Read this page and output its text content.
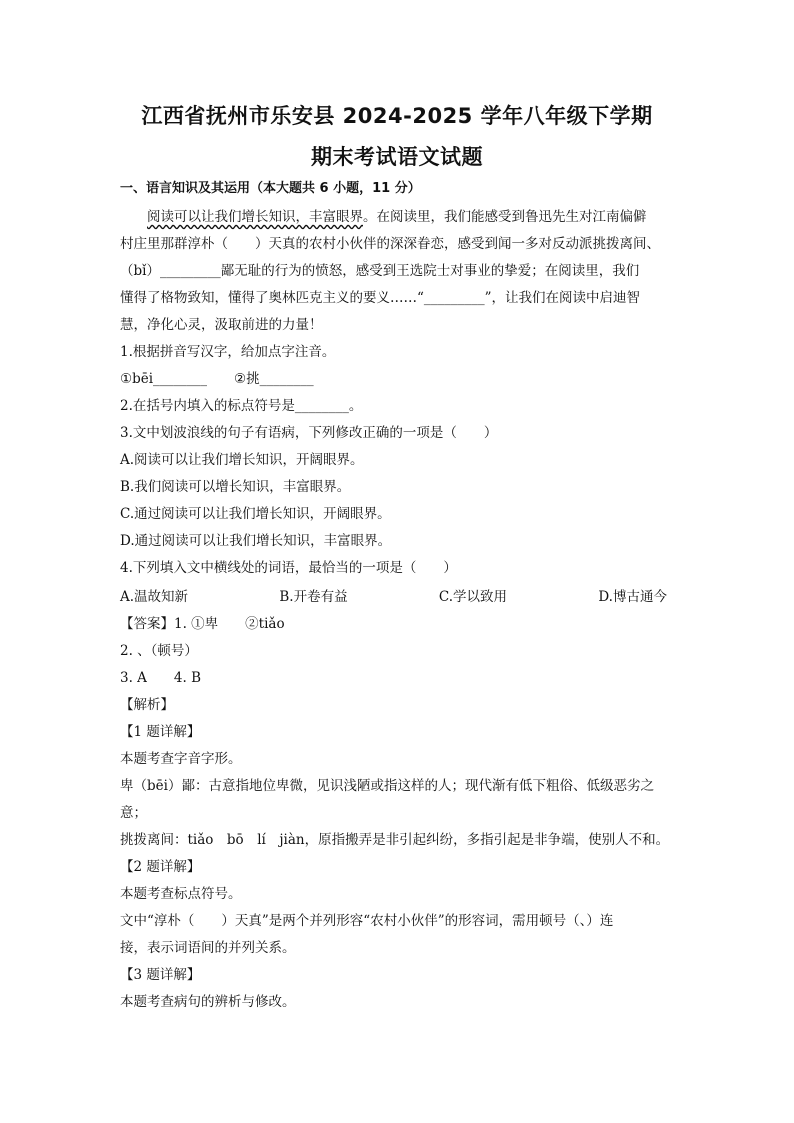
江西省抚州市乐安县 2024-2025 学年八年级下学期
期末考试语文试题
一、语言知识及其运用（本大题共 6 小题，11 分）
阅读可以让我们增长知识，丰富眼界。在阅读里，我们能感受到鲁迅先生对江南偏僻
村庄里那群淳朴（　　）天真的农村小伙伴的深深眷恋，感受到闻一多对反动派挑拨离间、
（bǐ）_________鄙无耻的行为的愤怒，感受到王选院士对事业的挚爱；在阅读里，我们
懂得了格物致知，懂得了奥林匹克主义的要义……“_________”，让我们在阅读中启迪智
慧，净化心灵，汲取前进的力量！
1.根据拼音写汉字，给加点字注音。
①bēi________　　②挑________
2.在括号内填入的标点符号是________。
3.文中划波浪线的句子有语病，下列修改正确的一项是（　　）
A.阅读可以让我们增长知识，开阔眼界。
B.我们阅读可以增长知识，丰富眼界。
C.通过阅读可以让我们增长知识，开阔眼界。
D.通过阅读可以让我们增长知识，丰富眼界。
4.下列填入文中横线处的词语，最恰当的一项是（　　）
A.温故知新	B.开卷有益	C.学以致用	D.博古通今
【答案】1. ①卑　　②tiǎo
2. 、（顿号）
3. A　　4. B
【解析】
【1 题详解】
本题考查字音字形。
卑（bēi）鄙：古意指地位卑微，见识浅陋或指这样的人；现代渐有低下粗俗、低级恶劣之
意；
挑拨离间：tiǎo　bō　lí　jiàn，原指搬弄是非引起纠纷，多指引起是非争端，使别人不和。
【2 题详解】
本题考查标点符号。
文中“淳朴（　　）天真”是两个并列形容“农村小伙伴”的形容词，需用顿号（、）连
接，表示词语间的并列关系。
【3 题详解】
本题考查病句的辨析与修改。
